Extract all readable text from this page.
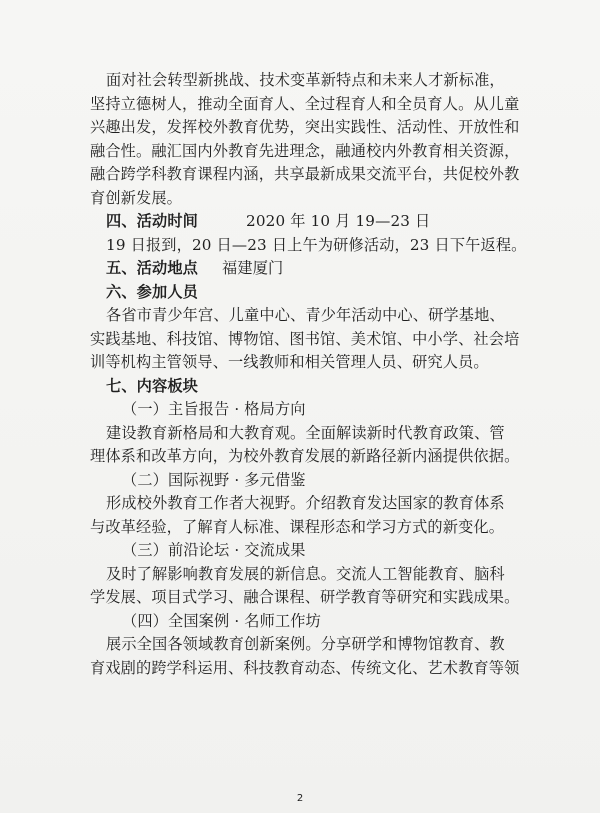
面对社会转型新挑战、技术变革新特点和未来人才新标准，
坚持立德树人，推动全面育人、全过程育人和全员育人。从儿童
兴趣出发，发挥校外教育优势，突出实践性、活动性、开放性和
融合性。融汇国内外教育先进理念，融通校内外教育相关资源，
融合跨学科教育课程内涵，共享最新成果交流平台，共促校外教
育创新发展。
四、活动时间	2020 年 10 月 19—23 日
19 日报到，20 日—23 日上午为研修活动，23 日下午返程。
五、活动地点 福建厦门
六、参加人员
各省市青少年宫、儿童中心、青少年活动中心、研学基地、
实践基地、科技馆、博物馆、图书馆、美术馆、中小学、社会培
训等机构主管领导、一线教师和相关管理人员、研究人员。
七、内容板块
（一）主旨报告 · 格局方向
建设教育新格局和大教育观。全面解读新时代教育政策、管
理体系和改革方向，为校外教育发展的新路径新内涵提供依据。
（二）国际视野 · 多元借鉴
形成校外教育工作者大视野。介绍教育发达国家的教育体系
与改革经验，了解育人标准、课程形态和学习方式的新变化。
（三）前沿论坛 · 交流成果
及时了解影响教育发展的新信息。交流人工智能教育、脑科
学发展、项目式学习、融合课程、研学教育等研究和实践成果。
（四）全国案例 · 名师工作坊
展示全国各领域教育创新案例。分享研学和博物馆教育、教
育戏剧的跨学科运用、科技教育动态、传统文化、艺术教育等领
2
